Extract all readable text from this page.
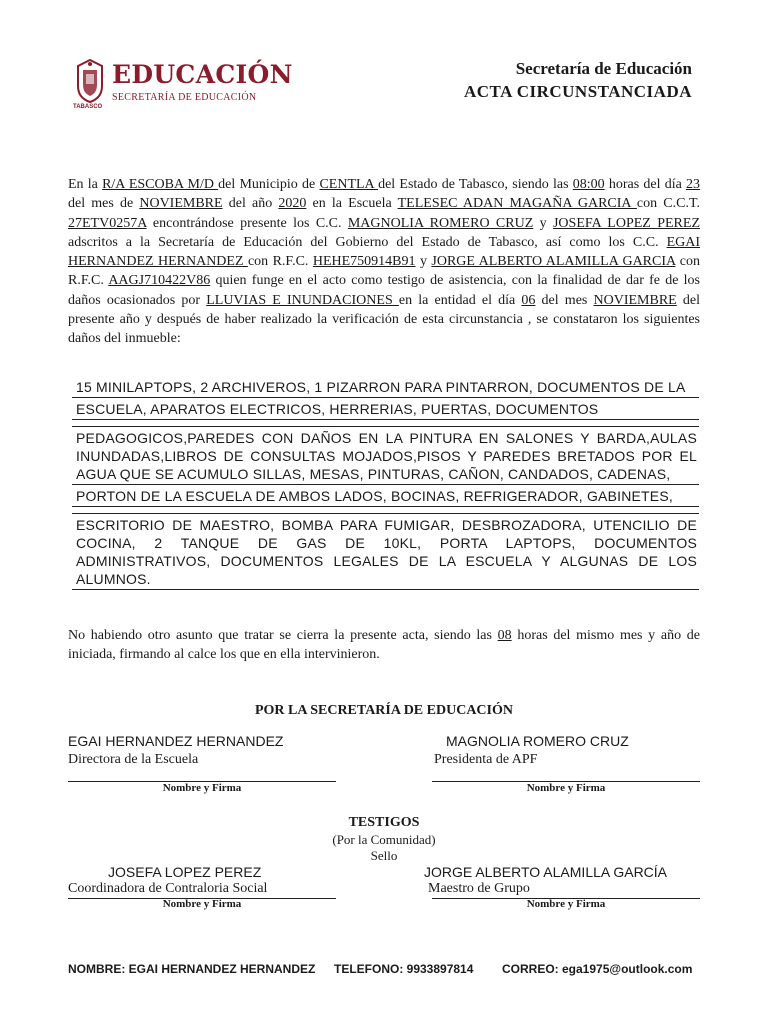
EDUCACIÓN
SECRETARÍA DE EDUCACIÓN
TABASCO
Secretaría de Educación
ACTA CIRCUNSTANCIADA

En la R/A ESCOBA M/D del Municipio de CENTLA del Estado de Tabasco, siendo las 08:00 horas del día 23 del mes de NOVIEMBRE del año 2020 en la Escuela TELESEC ADAN MAGAÑA GARCIA con C.C.T. 27ETV0257A encontrándose presente los C.C. MAGNOLIA ROMERO CRUZ y JOSEFA LOPEZ PEREZ adscritos a la Secretaría de Educación del Gobierno del Estado de Tabasco, así como los C.C. EGAI HERNANDEZ HERNANDEZ con R.F.C. HEHE750914B91 y JORGE ALBERTO ALAMILLA GARCIA con R.F.C. AAGJ710422V86 quien funge en el acto como testigo de asistencia, con la finalidad de dar fe de los daños ocasionados por LLUVIAS E INUNDACIONES en la entidad el día 06 del mes NOVIEMBRE del presente año y después de haber realizado la verificación de esta circunstancia , se constataron los siguientes daños del inmueble:

15 MINILAPTOPS, 2 ARCHIVEROS, 1 PIZARRON PARA PINTARRON, DOCUMENTOS DE LA
ESCUELA, APARATOS ELECTRICOS, HERRERIAS, PUERTAS, DOCUMENTOS
PEDAGOGICOS,PAREDES CON DAÑOS EN LA PINTURA EN SALONES Y BARDA,AULAS INUNDADAS,LIBROS DE CONSULTAS MOJADOS,PISOS Y PAREDES BRETADOS POR EL AGUA QUE SE ACUMULO SILLAS, MESAS, PINTURAS, CAÑON, CANDADOS, CADENAS,
PORTON DE LA ESCUELA DE AMBOS LADOS, BOCINAS, REFRIGERADOR, GABINETES,
ESCRITORIO DE MAESTRO, BOMBA PARA FUMIGAR, DESBROZADORA, UTENCILIO DE COCINA, 2 TANQUE DE GAS DE 10KL, PORTA LAPTOPS, DOCUMENTOS ADMINISTRATIVOS, DOCUMENTOS LEGALES DE LA ESCUELA Y ALGUNAS DE LOS ALUMNOS.

No habiendo otro asunto que tratar se cierra la presente acta, siendo las 08 horas del mismo mes y año de iniciada, firmando al calce los que en ella intervinieron.

POR LA SECRETARÍA DE EDUCACIÓN
EGAI HERNANDEZ HERNANDEZ
Directora de la Escuela
Nombre y Firma
MAGNOLIA ROMERO CRUZ
Presidenta de APF
Nombre y Firma
TESTIGOS
(Por la Comunidad)
Sello
JOSEFA LOPEZ PEREZ
Coordinadora de Contraloria Social
Nombre y Firma
JORGE ALBERTO ALAMILLA GARCÍA
Maestro de Grupo
Nombre y Firma
NOMBRE: EGAI HERNANDEZ HERNANDEZ TELEFONO: 9933897814 CORREO: ega1975@outlook.com
